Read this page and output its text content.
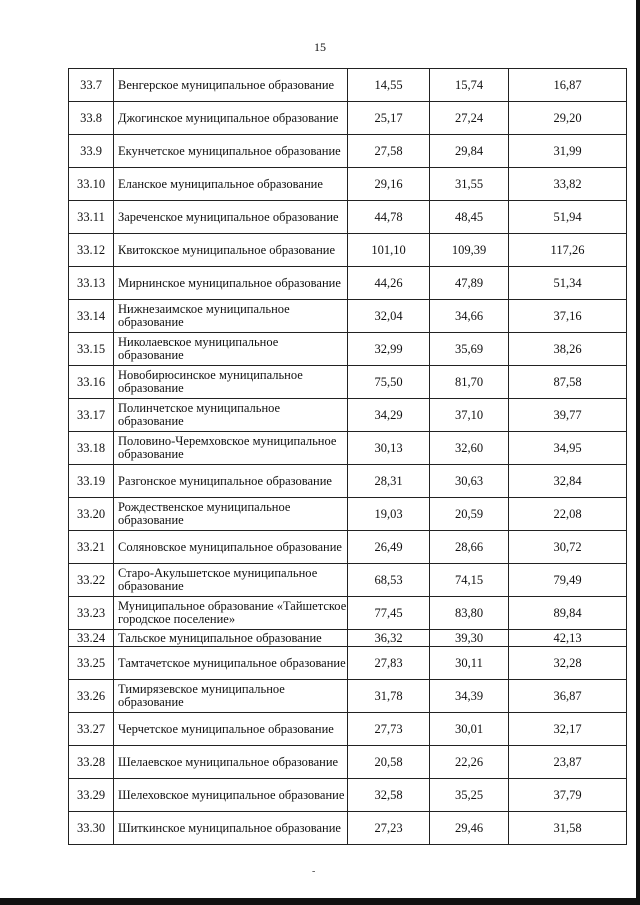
15
33.7	Венгерское муниципальное образование	14,55	15,74	16,87
33.8	Джогинское муниципальное образование	25,17	27,24	29,20
33.9	Екунчетское муниципальное образование	27,58	29,84	31,99
33.10	Еланское муниципальное образование	29,16	31,55	33,82
33.11	Зареченское муниципальное образование	44,78	48,45	51,94
33.12	Квитокское муниципальное образование	101,10	109,39	117,26
33.13	Мирнинское муниципальное образование	44,26	47,89	51,34
33.14	Нижнезаимское муниципальное образование	32,04	34,66	37,16
33.15	Николаевское муниципальное образование	32,99	35,69	38,26
33.16	Новобирюсинское муниципальное образование	75,50	81,70	87,58
33.17	Полинчетское муниципальное образование	34,29	37,10	39,77
33.18	Половино-Черемховское муниципальное образование	30,13	32,60	34,95
33.19	Разгонское муниципальное образование	28,31	30,63	32,84
33.20	Рождественское муниципальное образование	19,03	20,59	22,08
33.21	Соляновское муниципальное образование	26,49	28,66	30,72
33.22	Старо-Акульшетское муниципальное образование	68,53	74,15	79,49
33.23	Муниципальное образование «Тайшетское городское поселение»	77,45	83,80	89,84
33.24	Тальское муниципальное образование	36,32	39,30	42,13
33.25	Тамтачетское муниципальное образование	27,83	30,11	32,28
33.26	Тимирязевское муниципальное образование	31,78	34,39	36,87
33.27	Черчетское муниципальное образование	27,73	30,01	32,17
33.28	Шелаевское муниципальное образование	20,58	22,26	23,87
33.29	Шелеховское муниципальное образование	32,58	35,25	37,79
33.30	Шиткинское муниципальное образование	27,23	29,46	31,58
-
